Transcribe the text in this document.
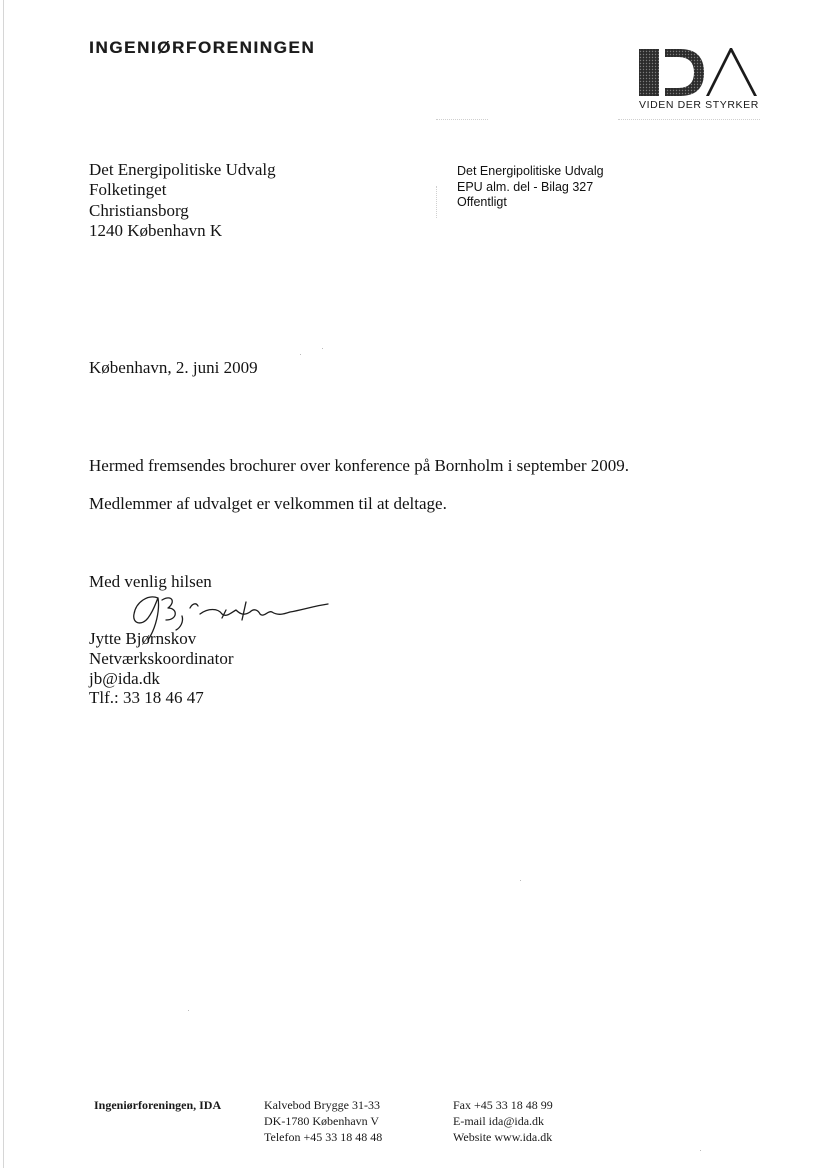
INGENIØRFORENINGEN
VIDEN DER STYRKER
Det Energipolitiske Udvalg
Folketinget
Christiansborg
1240 København K
Det Energipolitiske Udvalg
EPU alm. del - Bilag 327
Offentligt
København, 2. juni 2009
Hermed fremsendes brochurer over konference på Bornholm i september 2009.
Medlemmer af udvalget er velkommen til at deltage.
Med venlig hilsen
Jytte Bjørnskov
Netværkskoordinator
jb@ida.dk
Tlf.: 33 18 46 47
Ingeniørforeningen, IDA	Kalvebod Brygge 31-33
DK-1780 København V
Telefon +45 33 18 48 48
Fax +45 33 18 48 99
E-mail ida@ida.dk
Website www.ida.dk
